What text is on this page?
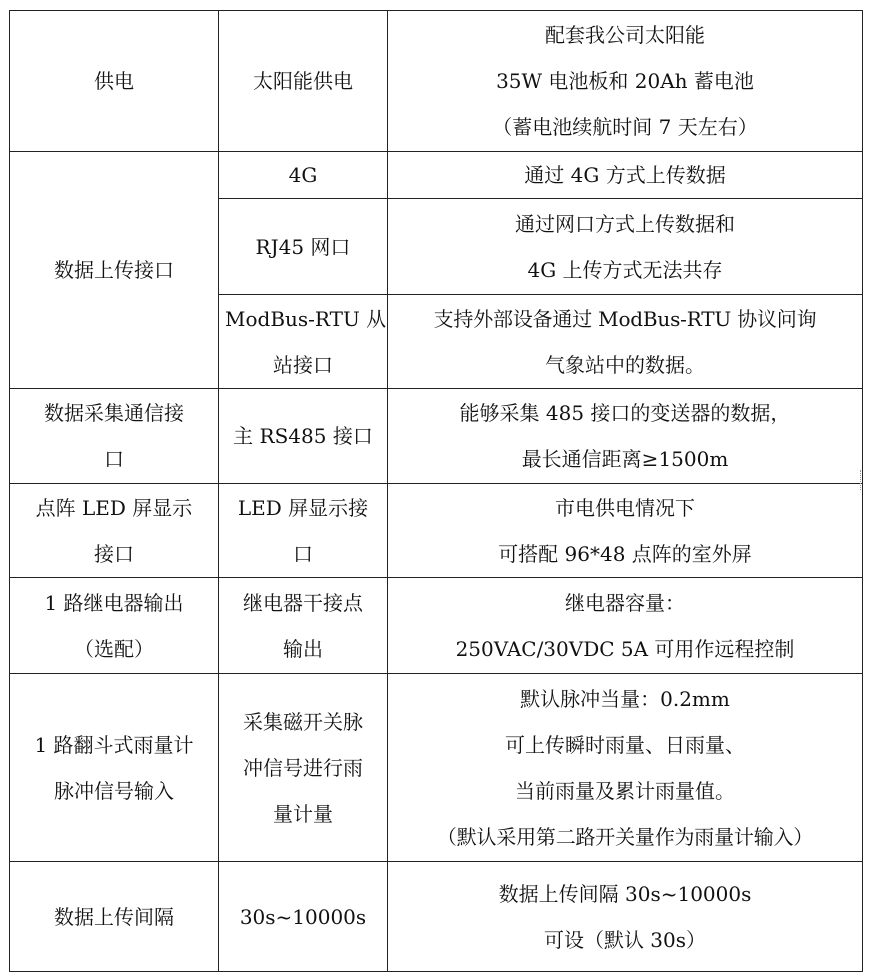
供电	太阳能供电	配套我公司太阳能
35W 电池板和 20Ah 蓄电池
（蓄电池续航时间 7 天左右）

数据上传接口	4G	通过 4G 方式上传数据

	RJ45 网口	通过网口方式上传数据和
4G 上传方式无法共存

	ModBus-RTU 从
站接口	支持外部设备通过 ModBus-RTU 协议问询
气象站中的数据。

数据采集通信接
口	主 RS485 接口	能够采集 485 接口的变送器的数据，
最长通信距离≥1500m

点阵 LED 屏显示
接口	LED 屏显示接
口	市电供电情况下
可搭配 96*48 点阵的室外屏

1 路继电器输出
（选配）	继电器干接点
输出	继电器容量：
250VAC/30VDC 5A 可用作远程控制

1 路翻斗式雨量计
脉冲信号输入	采集磁开关脉
冲信号进行雨
量计量	默认脉冲当量：0.2mm
可上传瞬时雨量、日雨量、
当前雨量及累计雨量值。
（默认采用第二路开关量作为雨量计输入）

数据上传间隔	30s~10000s	数据上传间隔 30s~10000s
可设（默认 30s）
